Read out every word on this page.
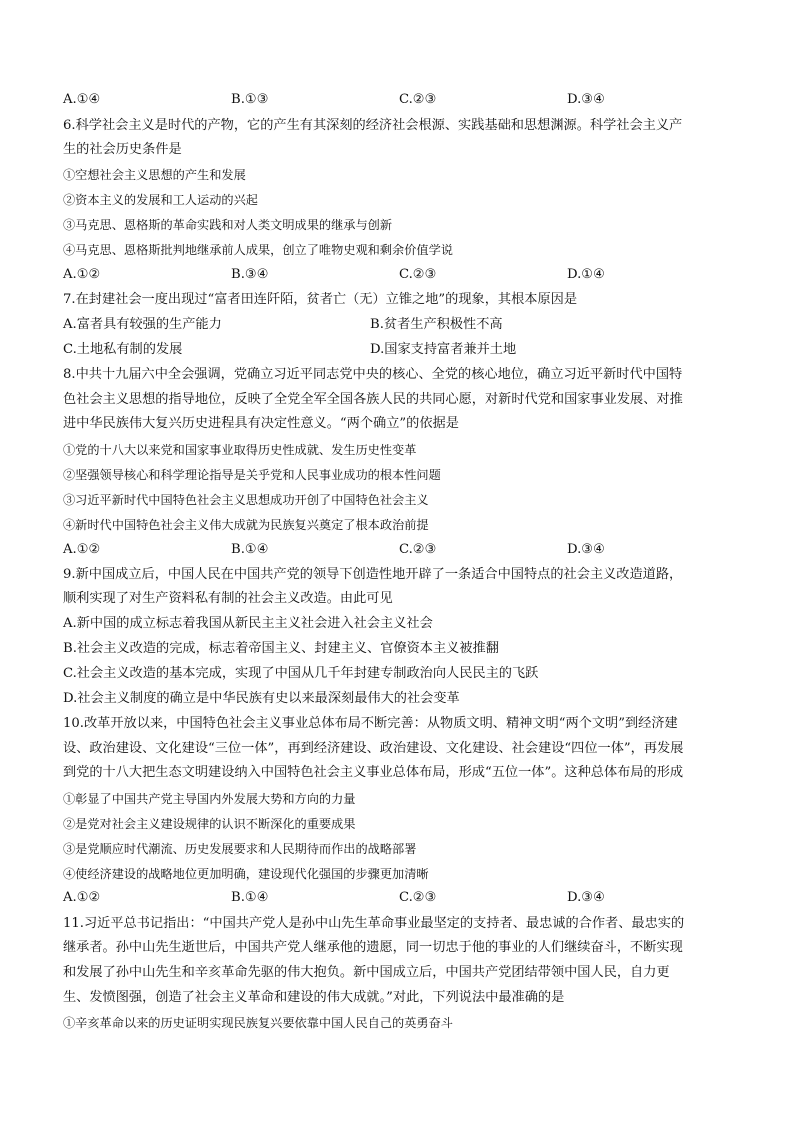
A.①④	B.①③	C.②③	D.③④
6.科学社会主义是时代的产物，它的产生有其深刻的经济社会根源、实践基础和思想渊源。科学社会主义产
生的社会历史条件是
①空想社会主义思想的产生和发展
②资本主义的发展和工人运动的兴起
③马克思、恩格斯的革命实践和对人类文明成果的继承与创新
④马克思、恩格斯批判地继承前人成果，创立了唯物史观和剩余价值学说
A.①②	B.③④	C.②③	D.①④
7.在封建社会一度出现过“富者田连阡陌，贫者亡（无）立锥之地”的现象，其根本原因是
A.富者具有较强的生产能力	B.贫者生产积极性不高
C.土地私有制的发展	D.国家支持富者兼并土地
8.中共十九届六中全会强调，党确立习近平同志党中央的核心、全党的核心地位，确立习近平新时代中国特
色社会主义思想的指导地位，反映了全党全军全国各族人民的共同心愿，对新时代党和国家事业发展、对推
进中华民族伟大复兴历史进程具有决定性意义。“两个确立”的依据是
①党的十八大以来党和国家事业取得历史性成就、发生历史性变革
②坚强领导核心和科学理论指导是关乎党和人民事业成功的根本性问题
③习近平新时代中国特色社会主义思想成功开创了中国特色社会主义
④新时代中国特色社会主义伟大成就为民族复兴奠定了根本政治前提
A.①②	B.①④	C.②③	D.③④
9.新中国成立后，中国人民在中国共产党的领导下创造性地开辟了一条适合中国特点的社会主义改造道路，
顺利实现了对生产资料私有制的社会主义改造。由此可见
A.新中国的成立标志着我国从新民主主义社会进入社会主义社会
B.社会主义改造的完成，标志着帝国主义、封建主义、官僚资本主义被推翻
C.社会主义改造的基本完成，实现了中国从几千年封建专制政治向人民民主的飞跃
D.社会主义制度的确立是中华民族有史以来最深刻最伟大的社会变革
10.改革开放以来，中国特色社会主义事业总体布局不断完善：从物质文明、精神文明“两个文明”到经济建
设、政治建设、文化建设“三位一体”，再到经济建设、政治建设、文化建设、社会建设“四位一体”，再发展
到党的十八大把生态文明建设纳入中国特色社会主义事业总体布局，形成“五位一体”。这种总体布局的形成
①彰显了中国共产党主导国内外发展大势和方向的力量
②是党对社会主义建设规律的认识不断深化的重要成果
③是党顺应时代潮流、历史发展要求和人民期待而作出的战略部署
④使经济建设的战略地位更加明确，建设现代化强国的步骤更加清晰
A.①②	B.①④	C.②③	D.③④
11.习近平总书记指出：“中国共产党人是孙中山先生革命事业最坚定的支持者、最忠诚的合作者、最忠实的
继承者。孙中山先生逝世后，中国共产党人继承他的遗愿，同一切忠于他的事业的人们继续奋斗，不断实现
和发展了孙中山先生和辛亥革命先驱的伟大抱负。新中国成立后，中国共产党团结带领中国人民，自力更
生、发愤图强，创造了社会主义革命和建设的伟大成就。”对此，下列说法中最准确的是
①辛亥革命以来的历史证明实现民族复兴要依靠中国人民自己的英勇奋斗
